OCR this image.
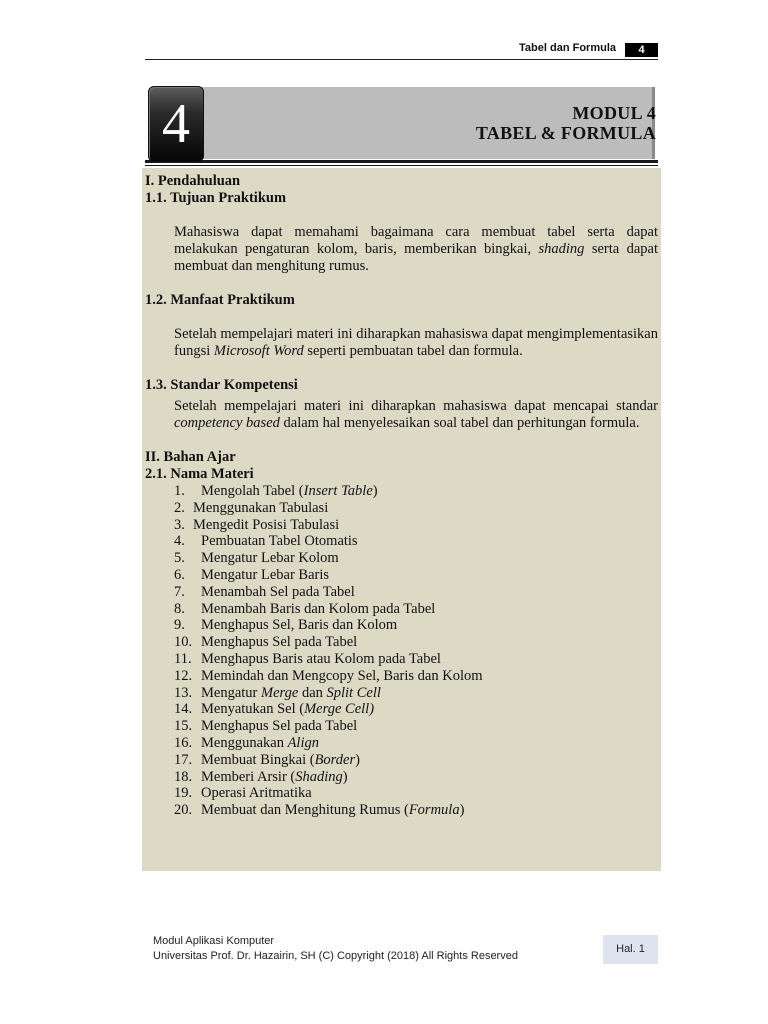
Tabel dan Formula	4
4	MODUL 4
TABEL & FORMULA

I. Pendahuluan

1.1. Tujuan Praktikum

Mahasiswa dapat memahami bagaimana cara membuat tabel serta dapat melakukan pengaturan kolom, baris, memberikan bingkai, shading serta dapat membuat dan menghitung rumus.

1.2. Manfaat Praktikum

Setelah mempelajari materi ini diharapkan mahasiswa dapat mengimplementasikan fungsi Microsoft Word seperti pembuatan tabel dan formula.

1.3. Standar Kompetensi

Setelah mempelajari materi ini diharapkan mahasiswa dapat mencapai standar competency based dalam hal menyelesaikan soal tabel dan perhitungan formula.

II. Bahan Ajar

2.1. Nama Materi

1. Mengolah Tabel (Insert Table)
2. Menggunakan Tabulasi
3. Mengedit Posisi Tabulasi
4. Pembuatan Tabel Otomatis
5. Mengatur Lebar Kolom
6. Mengatur Lebar Baris
7. Menambah Sel pada Tabel
8. Menambah Baris dan Kolom pada Tabel
9. Menghapus Sel, Baris dan Kolom
10. Menghapus Sel pada Tabel
11. Menghapus Baris atau Kolom pada Tabel
12. Memindah dan Mengcopy Sel, Baris dan Kolom
13. Mengatur Merge dan Split Cell
14. Menyatukan Sel (Merge Cell)
15. Menghapus Sel pada Tabel
16. Menggunakan Align
17. Membuat Bingkai (Border)
18. Memberi Arsir (Shading)
19. Operasi Aritmatika
20. Membuat dan Menghitung Rumus (Formula)
Modul Aplikasi Komputer
Universitas Prof. Dr. Hazairin, SH (C) Copyright (2018) All Rights Reserved
Hal. 1
